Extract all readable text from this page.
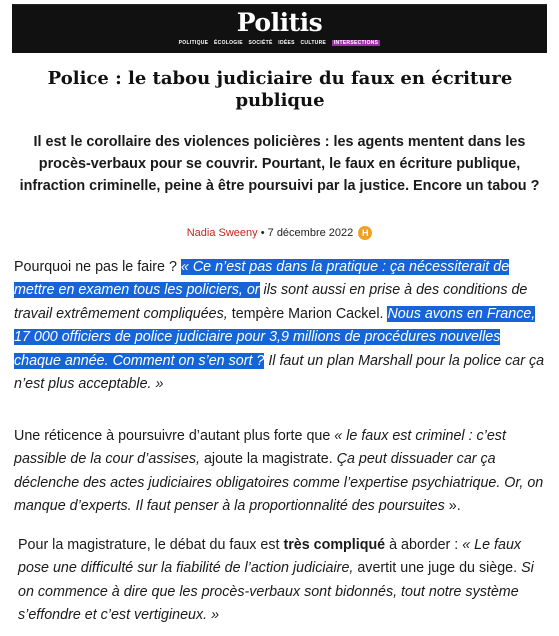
Politis
POLITIQUE ÉCOLOGIE SOCIÉTÉ IDÉES CULTURE INTERSECTIONS
Police : le tabou judiciaire du faux en écriture publique
Il est le corollaire des violences policières : les agents mentent dans les procès-verbaux pour se couvrir. Pourtant, le faux en écriture publique, infraction criminelle, peine à être poursuivi par la justice. Encore un tabou ?
Nadia Sweeny • 7 décembre 2022 H
Pourquoi ne pas le faire ? « Ce n’est pas dans la pratique : ça nécessiterait de mettre en examen tous les policiers, or ils sont aussi en prise à des conditions de travail extrêmement compliquées, tempère Marion Cackel. Nous avons en France, 17 000 officiers de police judiciaire pour 3,9 millions de procédures nouvelles chaque année. Comment on s’en sort ? Il faut un plan Marshall pour la police car ça n’est plus acceptable. »
Une réticence à poursuivre d’autant plus forte que « le faux est criminel : c’est passible de la cour d’assises, ajoute la magistrate. Ça peut dissuader car ça déclenche des actes judiciaires obligatoires comme l’expertise psychiatrique. Or, on manque d’experts. Il faut penser à la proportionnalité des poursuites ».
Pour la magistrature, le débat du faux est très compliqué à aborder : « Le faux pose une difficulté sur la fiabilité de l’action judiciaire, avertit une juge du siège. Si on commence à dire que les procès-verbaux sont bidonnés, tout notre système s’effondre et c’est vertigineux. »
